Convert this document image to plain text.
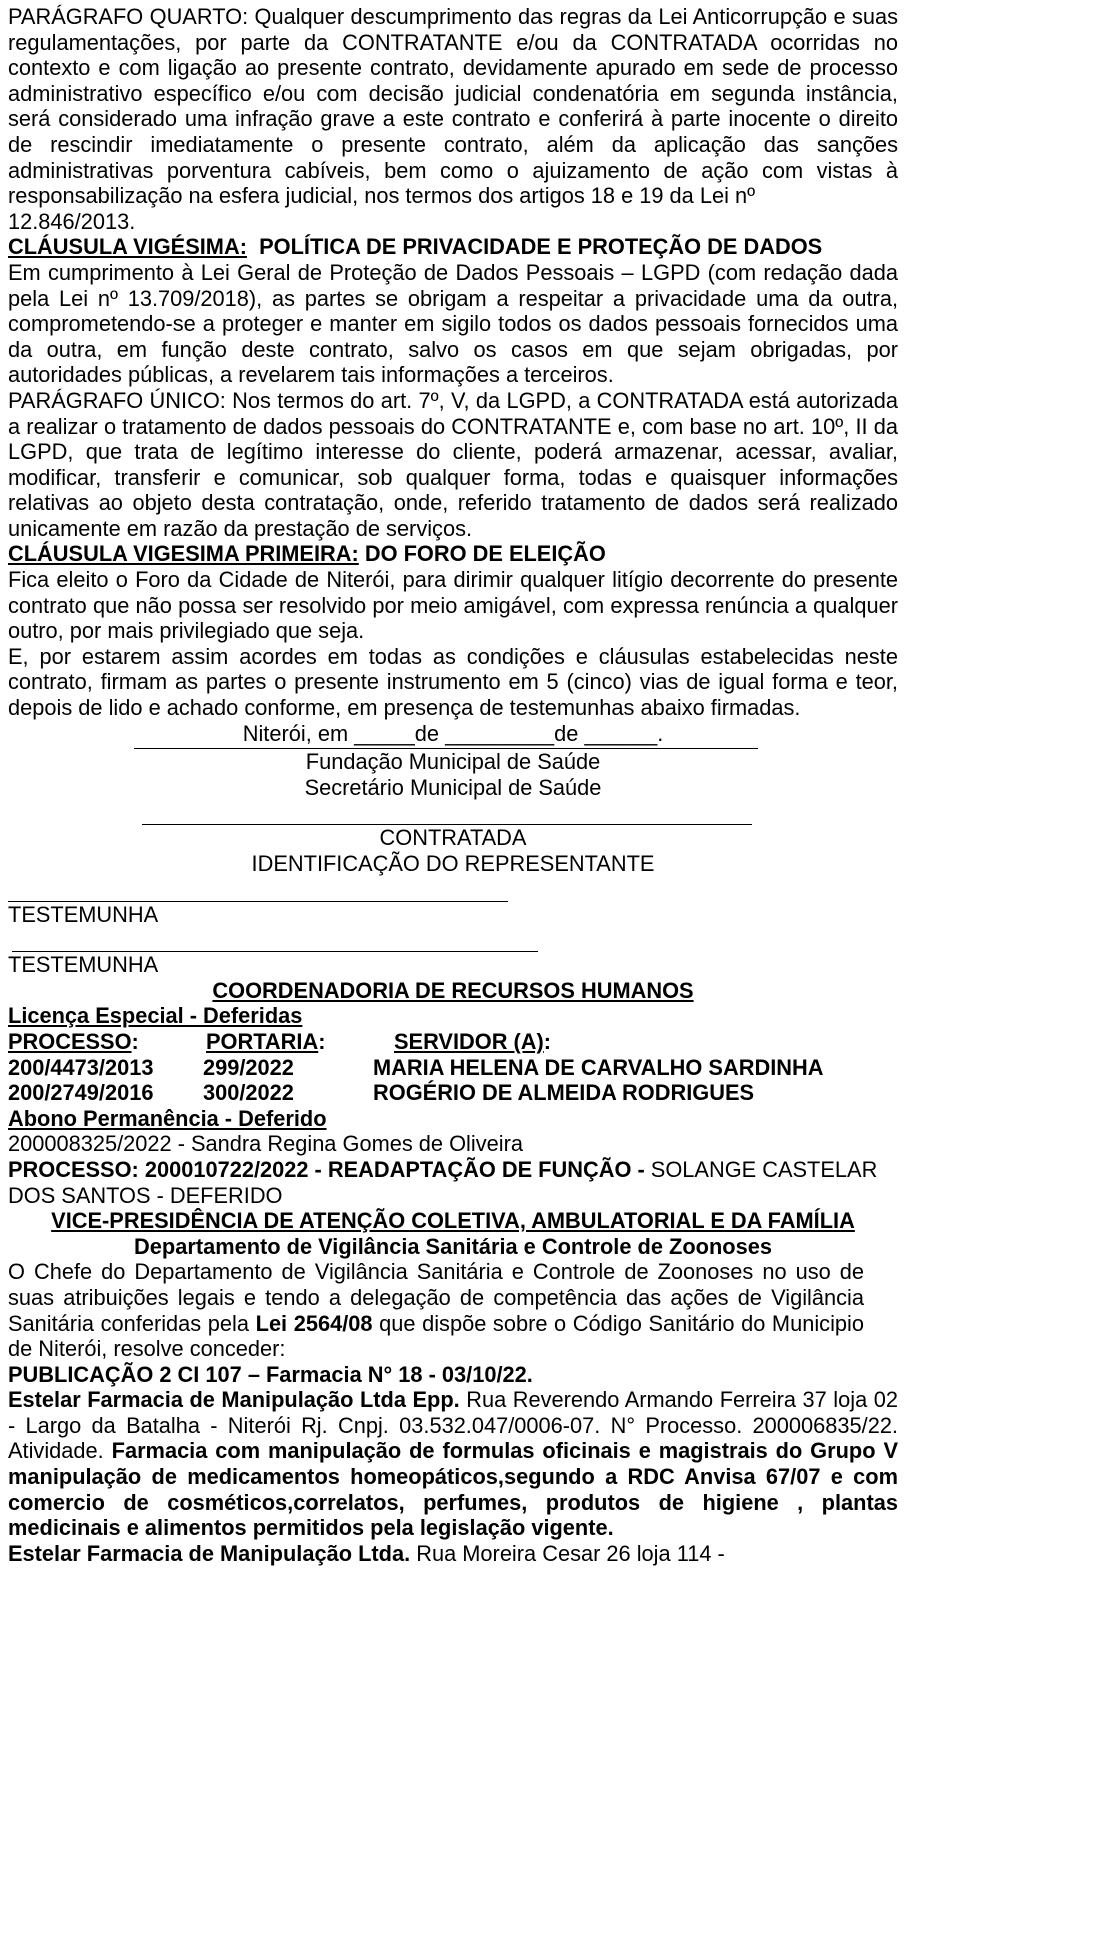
PARÁGRAFO QUARTO: Qualquer descumprimento das regras da Lei Anticorrupção e suas regulamentações, por parte da CONTRATANTE e/ou da CONTRATADA ocorridas no contexto e com ligação ao presente contrato, devidamente apurado em sede de processo administrativo específico e/ou com decisão judicial condenatória em segunda instância, será considerado uma infração grave a este contrato e conferirá à parte inocente o direito de rescindir imediatamente o presente contrato, além da aplicação das sanções administrativas porventura cabíveis, bem como o ajuizamento de ação com vistas à responsabilização na esfera judicial, nos termos dos artigos 18 e 19 da Lei nº

12.846/2013.

CLÁUSULA VIGÉSIMA: POLÍTICA DE PRIVACIDADE E PROTEÇÃO DE DADOS

Em cumprimento à Lei Geral de Proteção de Dados Pessoais – LGPD (com redação dada pela Lei nº 13.709/2018), as partes se obrigam a respeitar a privacidade uma da outra, comprometendo-se a proteger e manter em sigilo todos os dados pessoais fornecidos uma da outra, em função deste contrato, salvo os casos em que sejam obrigadas, por autoridades públicas, a revelarem tais informações a terceiros.

PARÁGRAFO ÚNICO: Nos termos do art. 7º, V, da LGPD, a CONTRATADA está autorizada a realizar o tratamento de dados pessoais do CONTRATANTE e, com base no art. 10º, II da LGPD, que trata de legítimo interesse do cliente, poderá armazenar, acessar, avaliar, modificar, transferir e comunicar, sob qualquer forma, todas e quaisquer informações relativas ao objeto desta contratação, onde, referido tratamento de dados será realizado unicamente em razão da prestação de serviços.

CLÁUSULA VIGESIMA PRIMEIRA: DO FORO DE ELEIÇÃO

Fica eleito o Foro da Cidade de Niterói, para dirimir qualquer litígio decorrente do presente contrato que não possa ser resolvido por meio amigável, com expressa renúncia a qualquer outro, por mais privilegiado que seja.

E, por estarem assim acordes em todas as condições e cláusulas estabelecidas neste contrato, firmam as partes o presente instrumento em 5 (cinco) vias de igual forma e teor, depois de lido e achado conforme, em presença de testemunhas abaixo firmadas.

Niterói, em _____de _________de ______.

Fundação Municipal de Saúde

Secretário Municipal de Saúde

CONTRATADA

IDENTIFICAÇÃO DO REPRESENTANTE

TESTEMUNHA

TESTEMUNHA

COORDENADORIA DE RECURSOS HUMANOS

Licença Especial - Deferidas

PROCESSO:	PORTARIA:	SERVIDOR (A):

200/4473/2013 299/2022	MARIA HELENA DE CARVALHO SARDINHA

200/2749/2016 300/2022	ROGÉRIO DE ALMEIDA RODRIGUES

Abono Permanência - Deferido

200008325/2022 - Sandra Regina Gomes de Oliveira

PROCESSO: 200010722/2022 - READAPTAÇÃO DE FUNÇÃO - SOLANGE CASTELAR DOS SANTOS - DEFERIDO

VICE-PRESIDÊNCIA DE ATENÇÃO COLETIVA, AMBULATORIAL E DA FAMÍLIA

Departamento de Vigilância Sanitária e Controle de Zoonoses

O Chefe do Departamento de Vigilância Sanitária e Controle de Zoonoses no uso de suas atribuições legais e tendo a delegação de competência das ações de Vigilância Sanitária conferidas pela Lei 2564/08 que dispõe sobre o Código Sanitário do Municipio de Niterói, resolve conceder:

PUBLICAÇÃO 2 CI 107 – Farmacia N° 18 - 03/10/22.

Estelar Farmacia de Manipulação Ltda Epp. Rua Reverendo Armando Ferreira 37 loja 02 - Largo da Batalha - Niterói Rj. Cnpj. 03.532.047/0006-07. N° Processo. 200006835/22. Atividade. Farmacia com manipulação de formulas oficinais e magistrais do Grupo V manipulação de medicamentos homeopáticos,segundo a RDC Anvisa 67/07 e com comercio de cosméticos,correlatos, perfumes, produtos de higiene , plantas medicinais e alimentos permitidos pela legislação vigente.

Estelar Farmacia de Manipulação Ltda. Rua Moreira Cesar 26 loja 114 -
